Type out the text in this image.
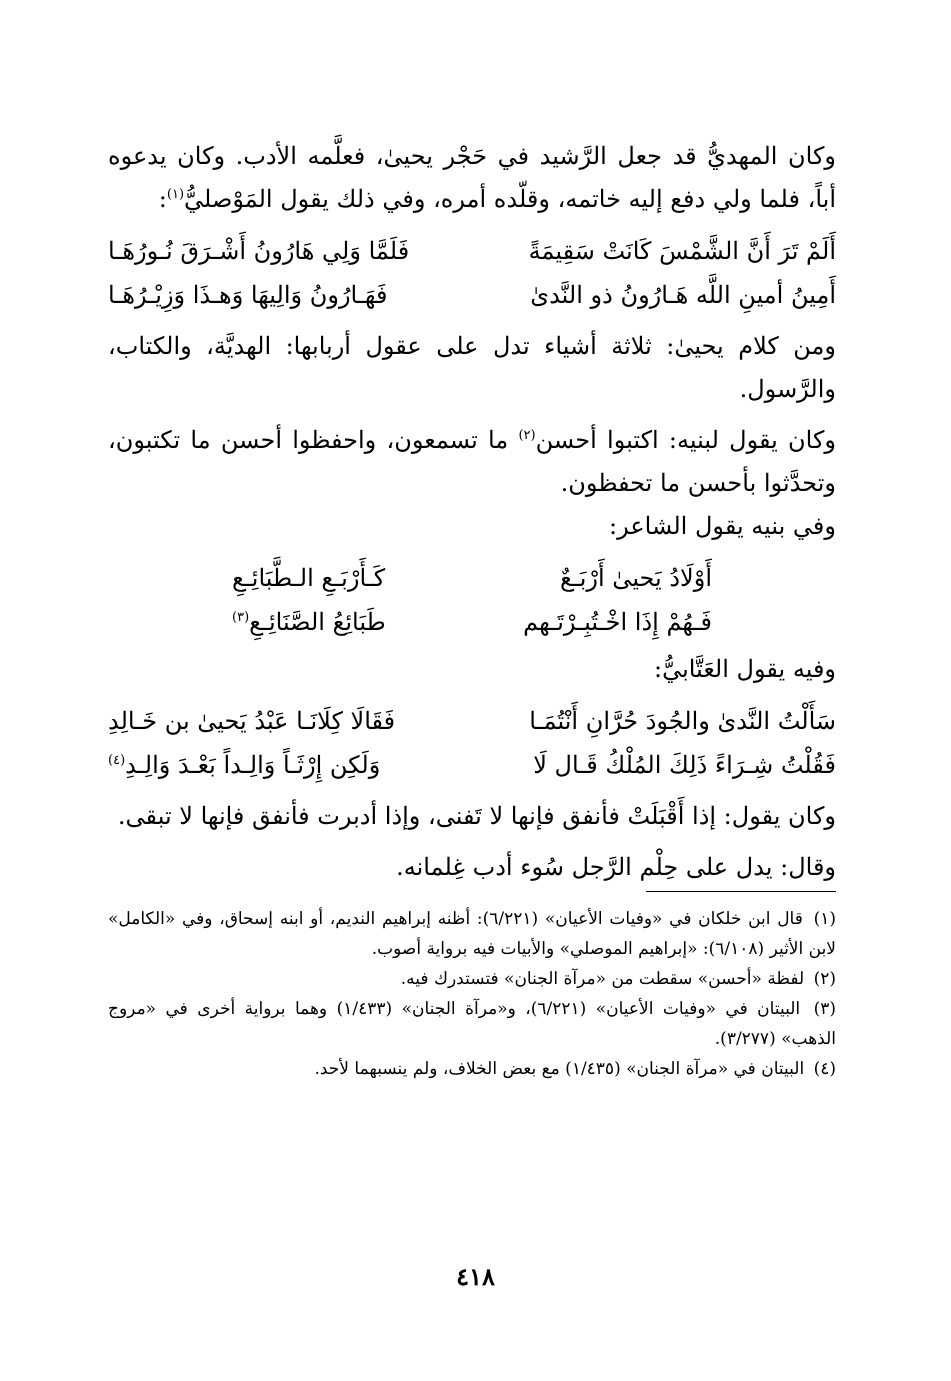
وكان المهديُّ قد جعل الرَّشيد في حَجْر يحيىٰ، فعلَّمه الأدب. وكان يدعوه أباً، فلما ولي دفع إليه خاتمه، وقلّده أمره، وفي ذلك يقول المَوْصليُّ$^{(١)}$:

أَلَمْ تَرَ أَنَّ الشَّمْسَ كَانَتْ سَقِيمَةً
فَلَمَّا وَلِي هَارُونُ أَشْـرَقَ نُـورُهَـا
أَمِينُ أمينِ اللَّه هَـارُونُ ذو النَّدىٰ
فَهَـارُونُ وَالِيهَا وَهـذَا وَزِيْـرُهَـا

ومن كلام يحيىٰ: ثلاثة أشياء تدل على عقول أربابها: الهديَّة، والكتاب، والرَّسول.

وكان يقول لبنيه: اكتبوا أحسن$^{(٢)}$ ما تسمعون، واحفظوا أحسن ما تكتبون، وتحدَّثوا بأحسن ما تحفظون.

وفي بنيه يقول الشاعر:

أَوْلَادُ يَحيىٰ أَرْبَـعٌ
كَـأَرْبَـعِ الـطَّبَائِـعِ
فَـهُمْ إِذَا اخْـتُبِـرْتَـهم
طَبَائِعُ الصَّنَائِـعِ$^{(٣)}$

وفيه يقول العَتَّابيُّ:

سَأَلْتُ النَّدىٰ والجُودَ حُرَّانِ أَنْتُمَـا
فَقَالَا كِلَانَـا عَبْدُ يَحيىٰ بن خَـالِدِ
فَقُلْتُ شِـرَاءً ذَلِكَ المُلْكُ قَـال لَا
وَلَكِن إِرْثَـاً وَالِـداً بَعْـدَ وَالِـدِ$^{(٤)}$

وكان يقول: إذا أَقْبَلَتْ فأنفق فإنها لا تَفنى، وإذا أدبرت فأنفق فإنها لا تبقى.

وقال: يدل على حِلْم الرَّجل سُوء أدب غِلمانه.

(١) قال ابن خلكان في «وفيات الأعيان» (٦/٢٢١): أظنه إبراهيم النديم، أو ابنه إسحاق، وفي «الكامل» لابن الأثير (٦/١٠٨): «إبراهيم الموصلي» والأبيات فيه برواية أصوب.

(٢) لفظة «أحسن» سقطت من «مرآة الجنان» فتستدرك فيه.

(٣) البيتان في «وفيات الأعيان» (٦/٢٢١)، و«مرآة الجنان» (١/٤٣٣) وهما برواية أخرى في «مروج الذهب» (٣/٢٧٧).

(٤) البيتان في «مرآة الجنان» (١/٤٣٥) مع بعض الخلاف، ولم ينسبهما لأحد.

٤١٨
